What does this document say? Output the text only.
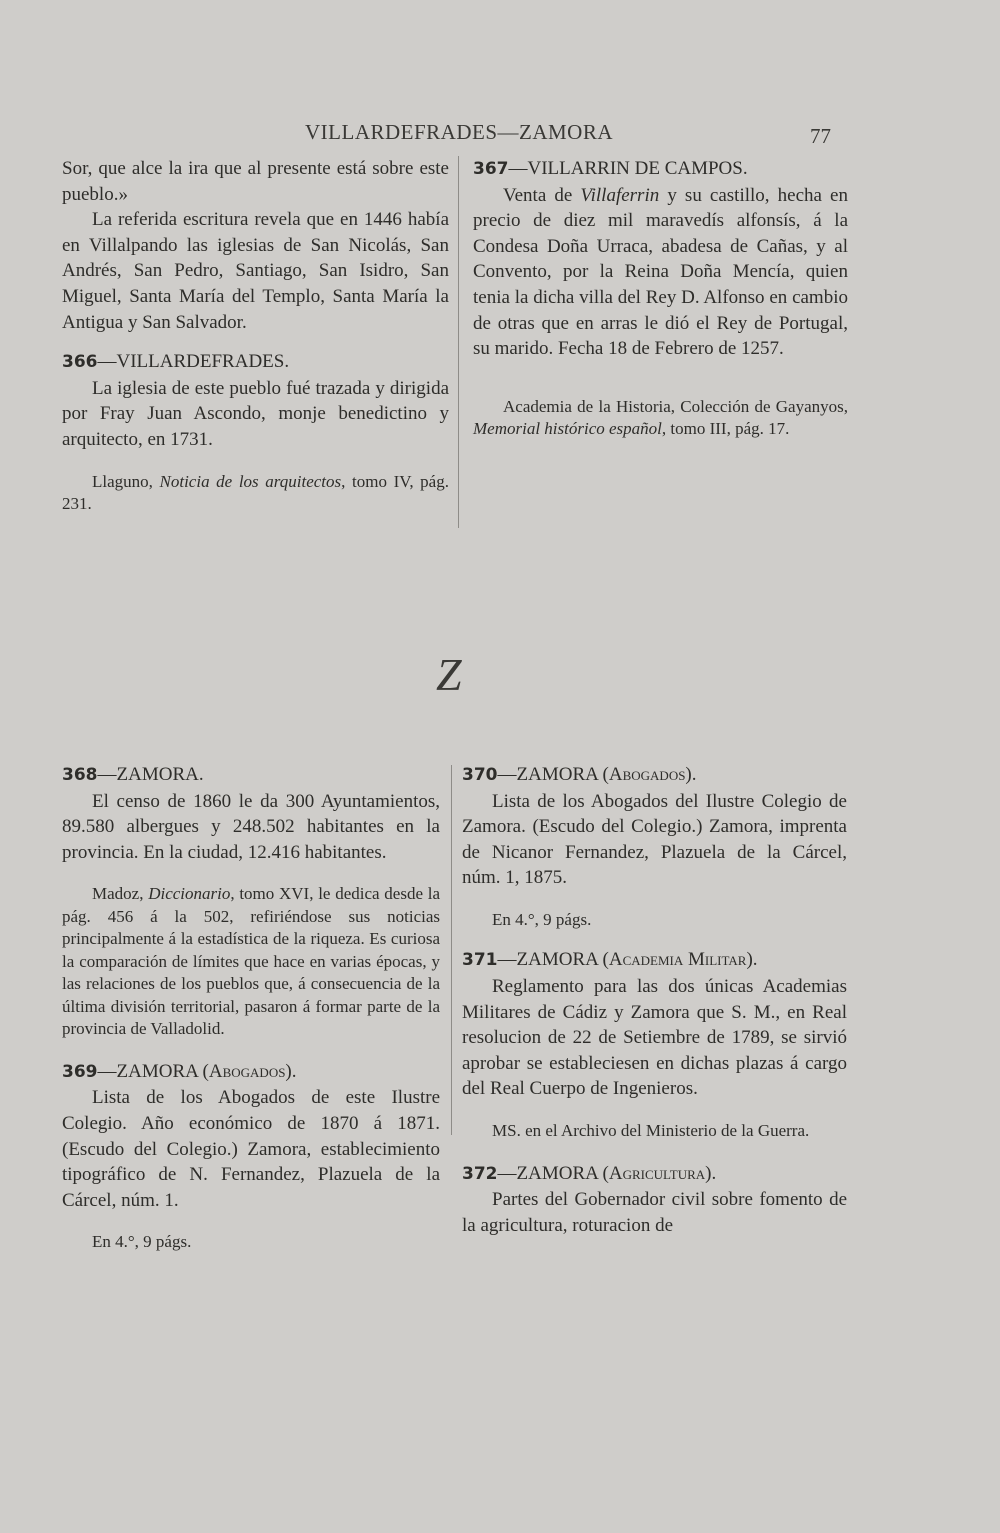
VILLARDEFRADES—ZAMORA	77

Sor, que alce la ira que al presente está sobre este pueblo.»

La referida escritura revela que en 1446 había en Villalpando las iglesias de San Nicolás, San Andrés, San Pedro, Santiago, San Isidro, San Miguel, Santa María del Templo, Santa María la Antigua y San Salvador.

366—VILLARDEFRADES.

La iglesia de este pueblo fué trazada y dirigida por Fray Juan Ascondo, monje benedictino y arquitecto, en 1731.

Llaguno, Noticia de los arquitectos, tomo IV, pág. 231.

367—VILLARRIN DE CAMPOS.

Venta de Villaferrin y su castillo, hecha en precio de diez mil maravedís alfonsís, á la Condesa Doña Urraca, abadesa de Cañas, y al Convento, por la Reina Doña Mencía, quien tenia la dicha villa del Rey D. Alfonso en cambio de otras que en arras le dió el Rey de Portugal, su marido. Fecha 18 de Febrero de 1257.

Academia de la Historia, Colección de Gayanyos, Memorial histórico español, tomo III, pág. 17.

Z

368—ZAMORA.

El censo de 1860 le da 300 Ayuntamientos, 89.580 albergues y 248.502 habitantes en la provincia. En la ciudad, 12.416 habitantes.

Madoz, Diccionario, tomo XVI, le dedica desde la pág. 456 á la 502, refiriéndose sus noticias principalmente á la estadística de la riqueza. Es curiosa la comparación de límites que hace en varias épocas, y las relaciones de los pueblos que, á consecuencia de la última división territorial, pasaron á formar parte de la provincia de Valladolid.

369—ZAMORA (Abogados).

Lista de los Abogados de este Ilustre Colegio. Año económico de 1870 á 1871. (Escudo del Colegio.) Zamora, establecimiento tipográfico de N. Fernandez, Plazuela de la Cárcel, núm. 1.

En 4.°, 9 págs.

370—ZAMORA (Abogados).

Lista de los Abogados del Ilustre Colegio de Zamora. (Escudo del Colegio.) Zamora, imprenta de Nicanor Fernandez, Plazuela de la Cárcel, núm. 1, 1875.

En 4.°, 9 págs.

371—ZAMORA (Academia Militar).

Reglamento para las dos únicas Academias Militares de Cádiz y Zamora que S. M., en Real resolucion de 22 de Setiembre de 1789, se sirvió aprobar se estableciesen en dichas plazas á cargo del Real Cuerpo de Ingenieros.

MS. en el Archivo del Ministerio de la Guerra.

372—ZAMORA (Agricultura).

Partes del Gobernador civil sobre fomento de la agricultura, roturacion de
